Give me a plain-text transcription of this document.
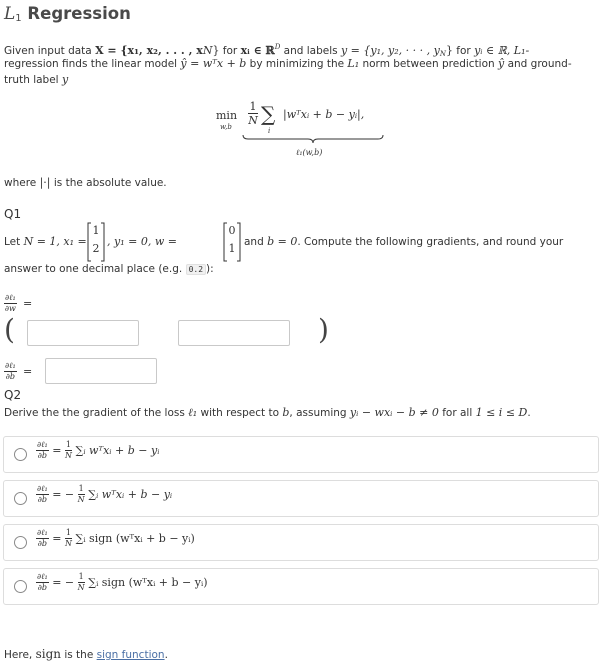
$L_1$ Regression
Given input data X = {x₁, x₂, . . . , xN} for xᵢ ∈ ℝ$^D$ and labels y = {y₁, y₂, · · · , $y_N$} for yᵢ ∈ ℝ, L₁-
regression finds the linear model ŷ = wᵀx + b by minimizing the L₁ norm between prediction ŷ and ground-
truth label y
min
$w,b \frac{1}{N}$ ∑
i
|wᵀxᵢ + b − yᵢ|,
ℓ₁(w,b)
where |·| is the absolute value.
Q1
Let N = 1, x₁ =
1
2
, y₁ = 0, w =
0
1 and b = 0. Compute the following gradients, and round your
answer to one decimal place (e.g. 0.2 ):
$\frac{\text{∂ℓ₁}}{\partial w}$ =
(	)
$\frac{\text{∂ℓ₁}}{\partial b}$ =
Q2
Derive the the gradient of the loss ℓ₁ with respect to b, assuming yᵢ − wxᵢ − b ≠ 0 for all 1 ≤ i ≤ D.
$\frac{\text{∂ℓ₁}}{\partial b} = \frac{1}{N}$ ∑ᵢ wᵀxᵢ + b − yᵢ
$\frac{\text{∂ℓ₁}}{\partial b}$ = − $\frac{1}{N}$ ∑ᵢ wᵀxᵢ + b − yᵢ
$\frac{\text{∂ℓ₁}}{\partial b} = \frac{1}{N}$ ∑ᵢ sign (wᵀxᵢ + b − yᵢ)
$\frac{\text{∂ℓ₁}}{\partial b}$ = − $\frac{1}{N}$ ∑ᵢ sign (wᵀxᵢ + b − yᵢ)
Here, sign is the sign function.
